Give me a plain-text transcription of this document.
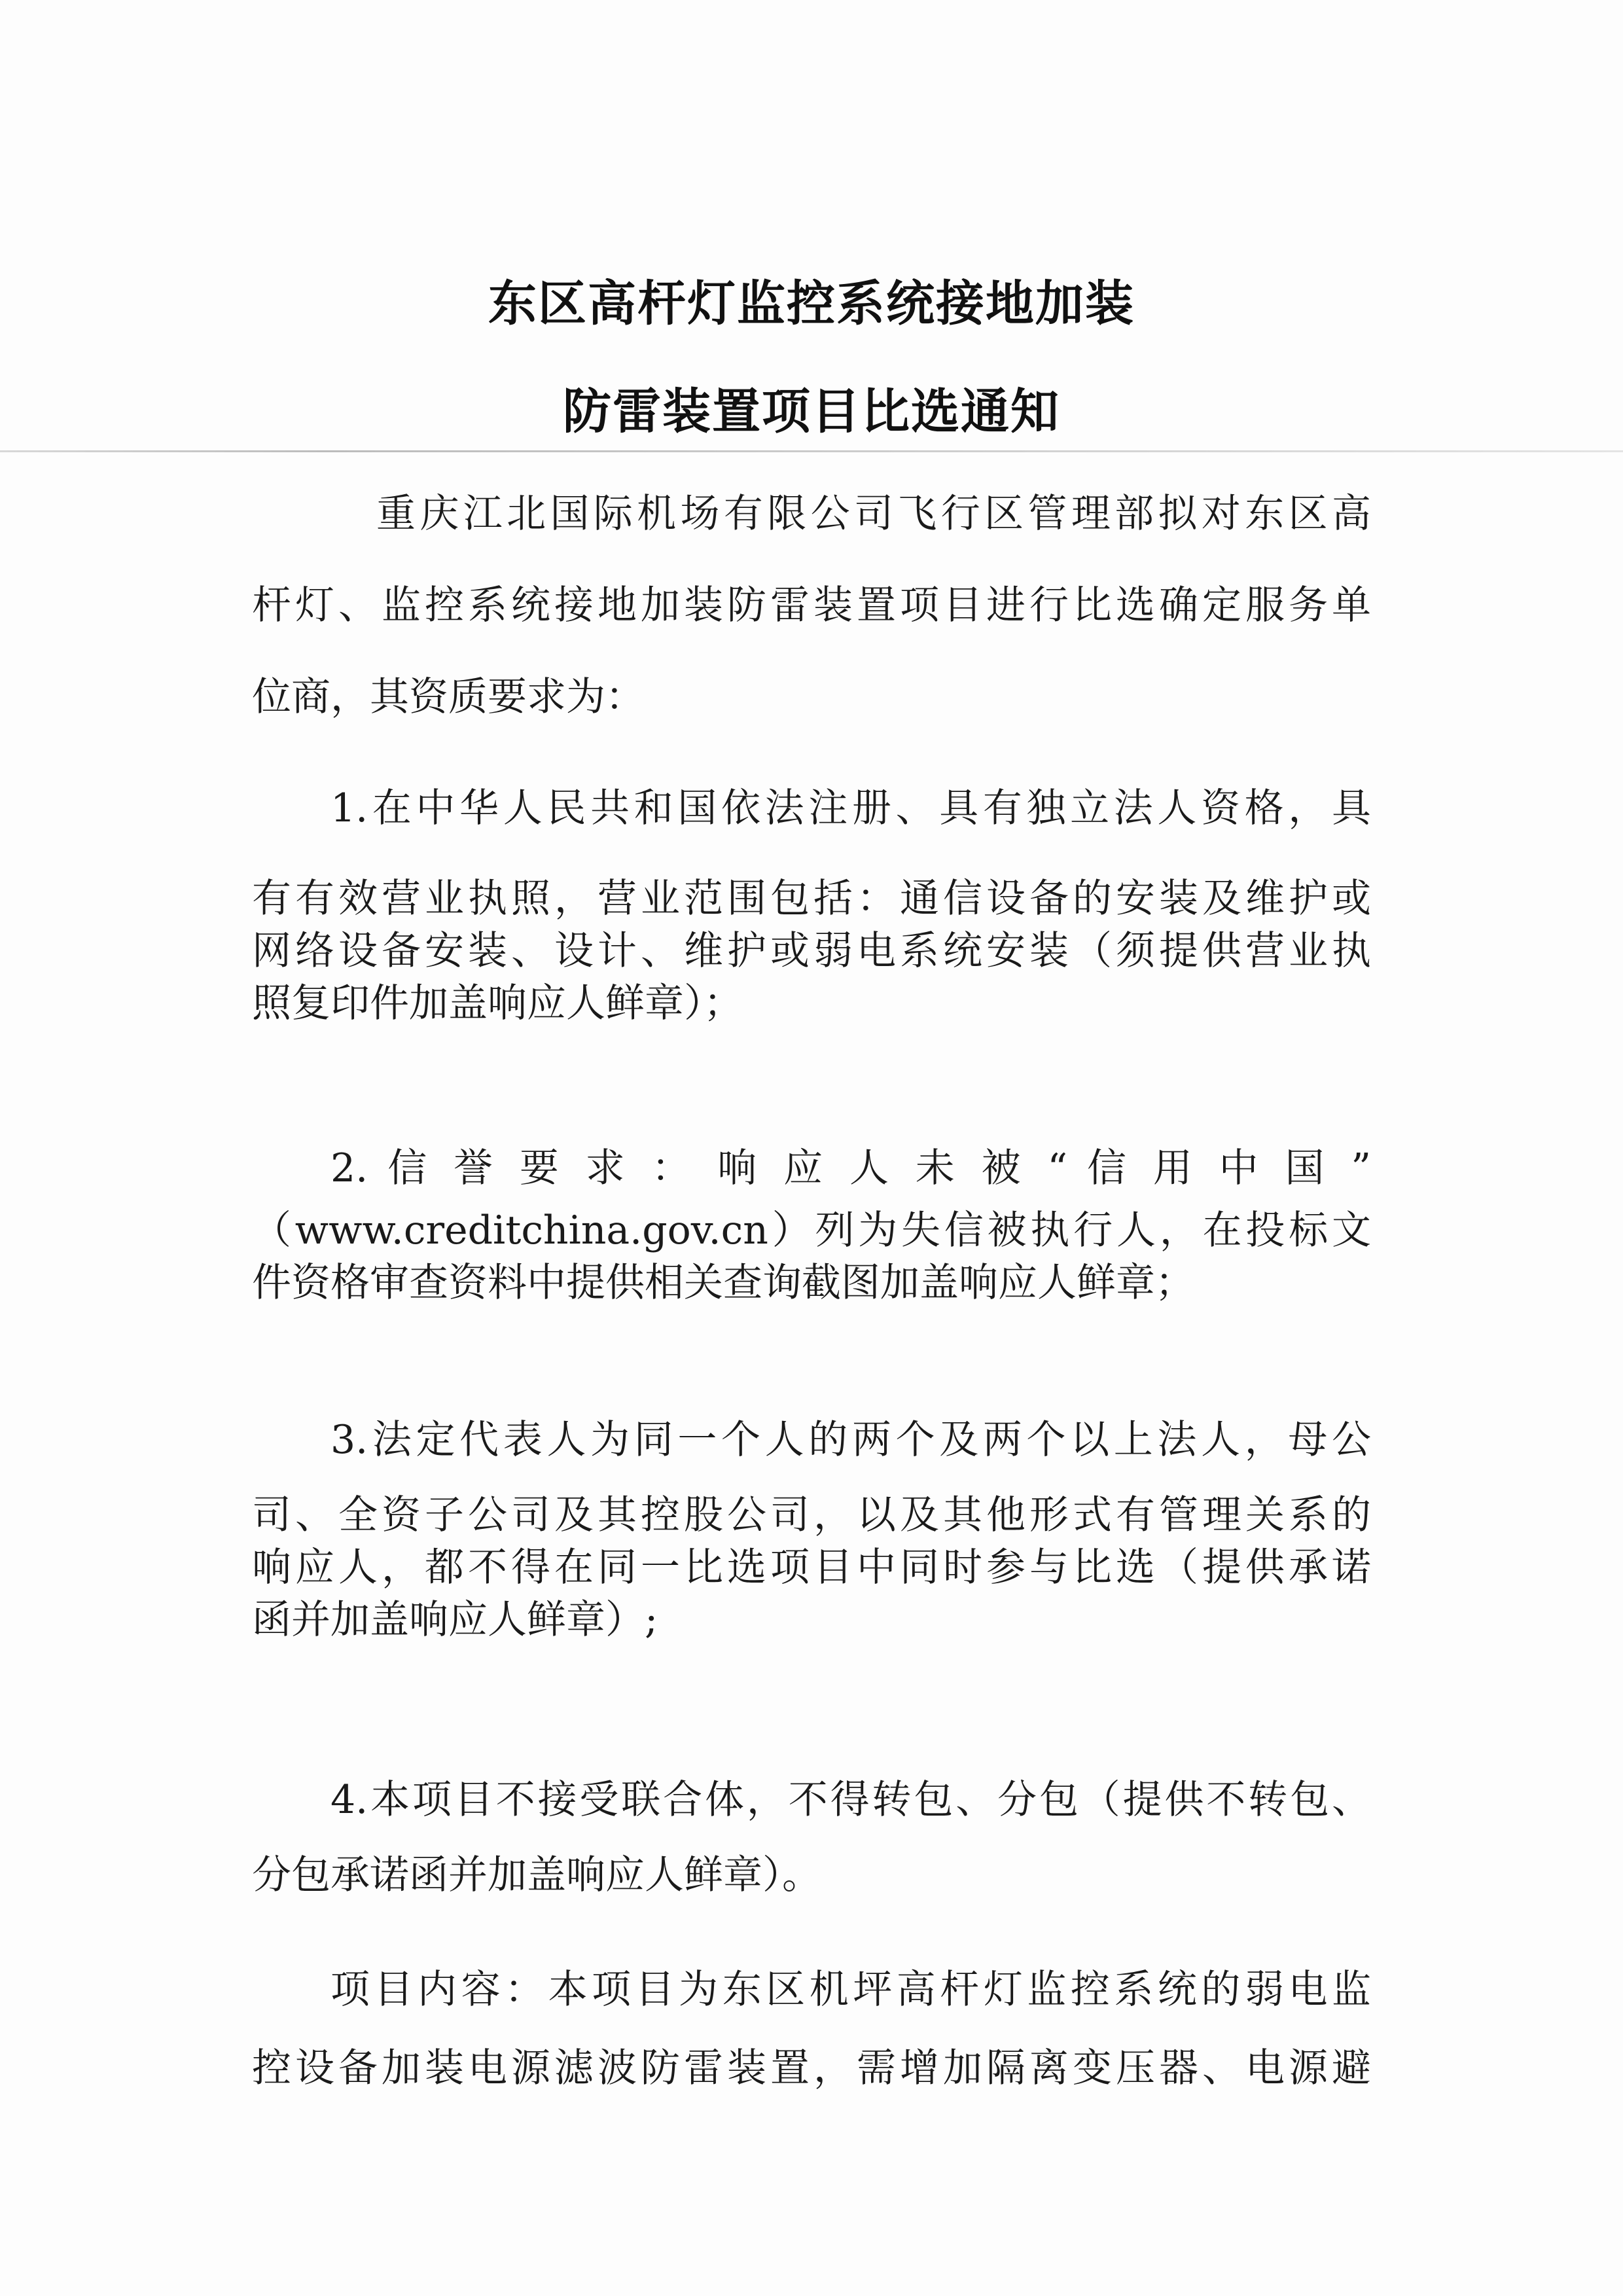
东区高杆灯监控系统接地加装
防雷装置项目比选通知
重庆江北国际机场有限公司飞行区管理部拟对东区高
杆灯、监控系统接地加装防雷装置项目进行比选确定服务单
位商，其资质要求为：
1.在中华人民共和国依法注册、具有独立法人资格，具
有有效营业执照，营业范围包括：通信设备的安装及维护或
网络设备安装、设计、维护或弱电系统安装（须提供营业执
照复印件加盖响应人鲜章）；
2. 信 誉 要 求 ： 响 应 人 未 被 “ 信 用 中 国 ”
（www.creditchina.gov.cn）列为失信被执行人，在投标文
件资格审查资料中提供相关查询截图加盖响应人鲜章；
3.法定代表人为同一个人的两个及两个以上法人，母公
司、全资子公司及其控股公司，以及其他形式有管理关系的
响应人，都不得在同一比选项目中同时参与比选（提供承诺
函并加盖响应人鲜章）;
4.本项目不接受联合体，不得转包、分包（提供不转包、
分包承诺函并加盖响应人鲜章）。
项目内容：本项目为东区机坪高杆灯监控系统的弱电监
控设备加装电源滤波防雷装置，需增加隔离变压器、电源避
